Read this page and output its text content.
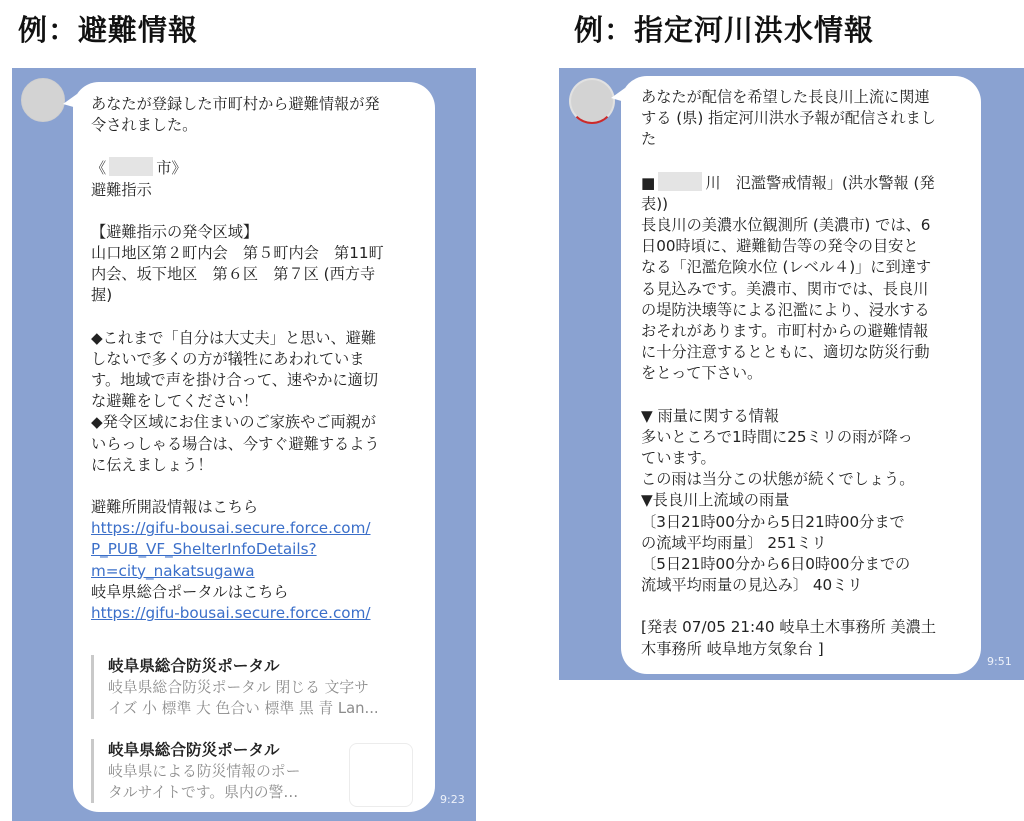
例：避難情報	例：指定河川洪水情報
あなたが登録した市町村から避難情報が発
令されました。
《	市》
避難指示
【避難指示の発令区域】
山口地区第２町内会　第５町内会　第11町
内会、坂下地区　第６区　第７区 (西方寺
握)
◆これまで「自分は大丈夫」と思い、避難
しないで多くの方が犠牲にあわれていま
す。地域で声を掛け合って、速やかに適切
な避難をしてください！
◆発令区域にお住まいのご家族やご両親が
いらっしゃる場合は、今すぐ避難するよう
に伝えましょう！
避難所開設情報はこちら
https://gifu-bousai.secure.force.com/
P_PUB_VF_ShelterInfoDetails?
m=city_nakatsugawa
岐阜県総合ポータルはこちら
https://gifu-bousai.secure.force.com/
岐阜県総合防災ポータル
岐阜県総合防災ポータル 閉じる 文字サ
イズ 小 標準 大 色合い 標準 黒 青 Lan...
岐阜県総合防災ポータル
岐阜県による防災情報のポー
タルサイトです。県内の警…	9:23
あなたが配信を希望した長良川上流に関連
する (県) 指定河川洪水予報が配信されまし
た
■	川　氾濫警戒情報」(洪水警報 (発
表))
長良川の美濃水位観測所 (美濃市) では、6
日00時頃に、避難勧告等の発令の目安と
なる「氾濫危険水位 (レベル４)」に到達す
る見込みです。美濃市、関市では、長良川
の堤防決壊等による氾濫により、浸水する
おそれがあります。市町村からの避難情報
に十分注意するとともに、適切な防災行動
をとって下さい。
▼ 雨量に関する情報
多いところで1時間に25ミリの雨が降っ
ています。
この雨は当分この状態が続くでしょう。
▼長良川上流域の雨量
〔3日21時00分から5日21時00分まで
の流域平均雨量〕 251ミリ
〔5日21時00分から6日0時00分までの
流域平均雨量の見込み〕 40ミリ
[発表 07/05 21:40 岐阜土木事務所 美濃土
木事務所 岐阜地方気象台 ]
9:51
